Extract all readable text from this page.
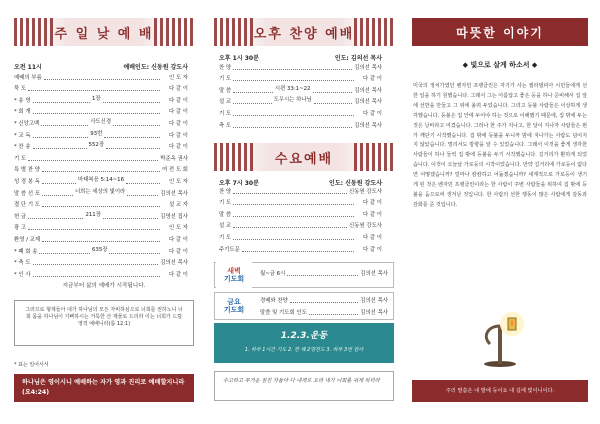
주 일 낮 예 배
오전 11시	예배인도: 신동원 강도사
예배의 부름	인 도 자
묵 도	다 같 이
* 송 영	1장	다 같 이
* 회 개	다 같 이
* 신앙고백	사도신경	다 같 이
* 교 독	93번	다 같 이
* 찬 송	552장	다 같 이
기 도	박준옥 권사
특 별 찬 양	여 전 도 회
성 경 봉 독	마태복음 5:14~16	인 도 자
말 씀 선 포	너희는 세상의 빛이라	김의선 목사
결 단 기 도	설 교 자
헌 금	211장	김영선 집사
광 고	인 도 자
환영 / 교제	다 같 이
* 폐 회 송	635장	다 같 이
* 축 도	김의선 목사
* 인 사	다 같 이
지금부터 삶의 예배가 시작됩니다.
그러므로 형제들아 내가 하나님의 모든 자비하심으로 너희를 권하노니 너희 몸을 하나님이 기뻐하시는 거룩한 산 제물로 드리라 이는 너희가 드릴 영적 예배니라(롬 12:1)
* 표는 일어서서
하나님은 영이시니 예배하는 자가 영과 진리로 예배할지니라 (요4:24)
오후 찬양 예배
오후 1시 30분	인도: 김의선 목사
찬 양	김의선 목사
기 도	다 같 이
말 씀	시편 33:1~22	김의선 목사
설 교	도우시는 하나님	김의선 목사
기 도	다 같 이
축 도	김의선 목사
수요예배
오후 7시 30분	인도: 신동원 강도사
찬 양	신동원 강도사
기 도	다 같 이
말 씀	다 같 이
설 교	신동원 강도사
기 도	다 같 이
주기도문	다 같 이
새벽
기도회
월~금 6시	김의선 목사
금요
기도회
경배와 찬양	김의선 목사
말씀 및 기도회 인도	김의선 목사
1.2.3.운동
1. 하루 1시간 기도 2. 한 해 2명전도 3. 하루 3번 감사
수고하고 무거운 짐진 자들아 다 내게로 오라 내가 너희를 쉬게 하리라
따뜻한 이야기
◆ 빛으로 살게 하소서 ◆
미국의 정치가였던 벤자민 프랭클린은 자기가 사는 필라델피아 시민들에게 선한 일을 하기 원했습니다. 그래서 그는 아름답고 좋은 등을 하나 준비해서 집 앞에 선반을 만들고 그 위에 올려 두었습니다. 그리고 등불 사람들은 이상하게 생각했습니다. 등불은 집 안에 두어야 하는 것으로 이해했기 때문에, 집 밖에 두는 것은 낭비라고 여겼습니다. 그러나 한 주가 지나고, 한 달이 지나자 사람들은 뭔가 깨닫기 시작했습니다. 집 밖에 등불을 두니까 밤에 지나가는 사람도 넘어지지 않았습니다. 멀리서도 방향을 알 수 있었습니다. 그래서 이것을 좋게 생각한 사람들이 하나 둘씩 집 밖에 등불을 두기 시작했습니다. 길거리가 환하게 되었습니다. 이것이 오늘날 가로등의 시작이었습니다. 만약 길거리에 가로등이 없다면 어떻겠습니까? 얼마나 캄캄하고 어둡겠습니까? 세계적으로 가로등이 생기게 된 것은 벤자민 프랭클린이라는 한 사람이 주변 사람들을 위하여 집 밖에 등불을 둠으로써 생겨난 것입니다. 한 사람의 선한 행동이 많은 사람에게 감동과 감화를 준 것입니다.
주의 말씀은 내 발에 등이요 내 길에 빛이니이다.
